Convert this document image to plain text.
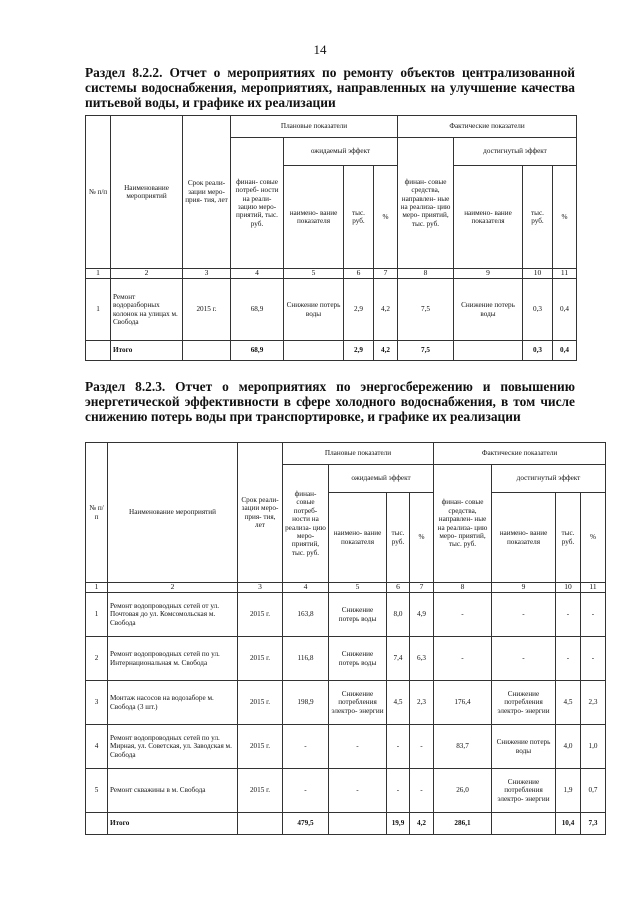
14
Раздел 8.2.2. Отчет о мероприятиях по ремонту объектов централизованной системы водоснабжения, мероприятиях, направленных на улучшение качества питьевой воды, и графике их реализации
№ п/п	Наименование мероприятий	Срок реали- зации меро- прия- тия, лет	Плановые показатели				Фактические показатели			
			финан- совые потреб- ности на реали- зацию меро- приятий, тыс. руб.	ожидаемый эффект			финан- совые средства, направлен- ные на реализа- цию меро- приятий, тыс. руб.	достигнутый эффект		
				наимено- вание показателя	тыс. руб.	%		наимено- вание показателя	тыс. руб.	%
1	2	3	4	5	6	7	8	9	10	11
1	Ремонт водоразборных колонок на улицах м. Свобода	2015 г.	68,9	Снижение потерь воды	2,9	4,2	7,5	Снижение потерь воды	0,3	0,4
	Итого		68,9		2,9	4,2	7,5		0,3	0,4
Раздел 8.2.3. Отчет о мероприятиях по энергосбережению и повышению энергетической эффективности в сфере холодного водоснабжения, в том числе снижению потерь воды при транспортировке, и графике их реализации
№ п/п	Наименование мероприятий	Срок реали- зации меро- прия- тия, лет	Плановые показатели				Фактические показатели			
			финан- совые потреб- ности на реализа- цию меро- приятий, тыс. руб.	ожидаемый эффект			финан- совые средства, направлен- ные на реализа- цию меро- приятий, тыс. руб.	достигнутый эффект		
				наимено- вание показателя	тыс. руб.	%		наимено- вание показателя	тыс. руб.	%
1	2	3	4	5	6	7	8	9	10	11
1	Ремонт водопроводных сетей от ул. Почтовая до ул. Комсомольская м. Свобода	2015 г.	163,8	Снижение потерь воды	8,0	4,9	-	-	-	-
2	Ремонт водопроводных сетей по ул. Интернациональная м. Свобода	2015 г.	116,8	Снижение потерь воды	7,4	6,3	-	-	-	-
3	Монтаж насосов на водозаборе м. Свобода (3 шт.)	2015 г.	198,9	Снижение потребления электро- энергии	4,5	2,3	176,4	Снижение потребления электро- энергии	4,5	2,3
4	Ремонт водопроводных сетей по ул. Мирная, ул. Советская, ул. Заводская м. Свобода	2015 г.	-	-	-	-	83,7	Снижение потерь воды	4,0	1,0
5	Ремонт скважины в м. Свобода	2015 г.	-	-	-	-	26,0	Снижение потребления электро- энергии	1,9	0,7
	Итого		479,5		19,9	4,2	286,1		10,4	7,3
